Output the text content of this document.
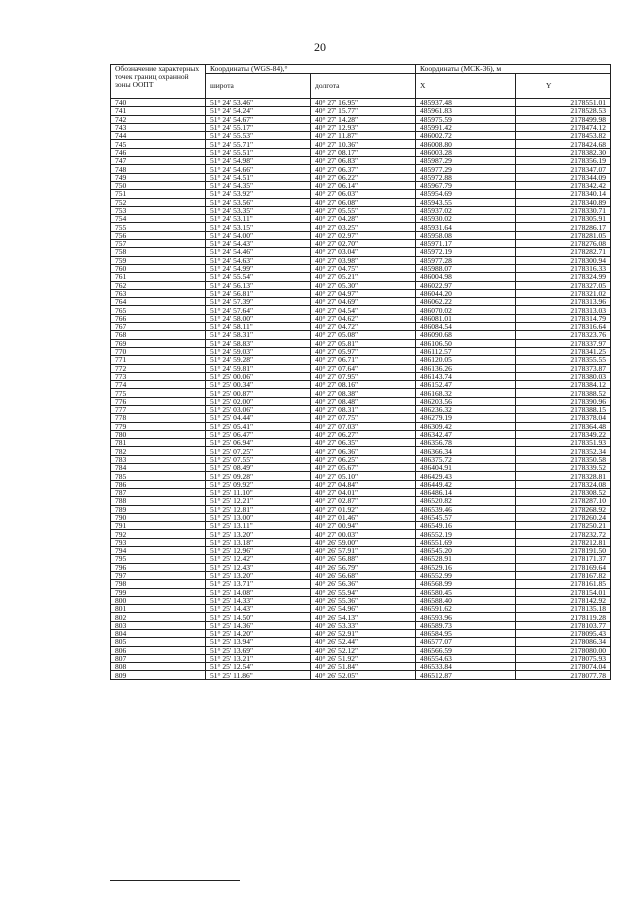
20
Обозначение характерных точек границ охранной зоны ООПТ	Координаты (WGS-84),°		Координаты (МСК-36), м	
	широта	долгота	X	Y
740	51° 24' 53.46"	40° 27' 16.95"	485937.48	2178551.01
741	51° 24' 54.24"	40° 27' 15.77"	485961.83	2178528.53
742	51° 24' 54.67"	40° 27' 14.28"	485975.59	2178499.98
743	51° 24' 55.17"	40° 27' 12.93"	485991.42	2178474.12
744	51° 24' 55.53"	40° 27' 11.87"	486002.72	2178453.82
745	51° 24' 55.71"	40° 27' 10.36"	486008.80	2178424.68
746	51° 24' 55.51"	40° 27' 08.17"	486003.28	2178382.30
747	51° 24' 54.98"	40° 27' 06.83"	485987.29	2178356.19
748	51° 24' 54.66"	40° 27' 06.37"	485977.29	2178347.07
749	51° 24' 54.51"	40° 27' 06.22"	485972.88	2178344.09
750	51° 24' 54.35"	40° 27' 06.14"	485967.79	2178342.42
751	51° 24' 53.92"	40° 27' 06.03"	485954.69	2178340.14
752	51° 24' 53.56"	40° 27' 06.08"	485943.55	2178340.89
753	51° 24' 53.35"	40° 27' 05.55"	485937.02	2178330.71
754	51° 24' 53.11"	40° 27' 04.28"	485930.02	2178305.91
755	51° 24' 53.15"	40° 27' 03.25"	485931.64	2178286.17
756	51° 24' 54.00"	40° 27' 02.97"	485958.08	2178281.05
757	51° 24' 54.43"	40° 27' 02.70"	485971.17	2178276.08
758	51° 24' 54.46"	40° 27' 03.04"	485972.19	2178282.71
759	51° 24' 54.63"	40° 27' 03.98"	485977.28	2178300.94
760	51° 24' 54.99"	40° 27' 04.75"	485988.07	2178316.33
761	51° 24' 55.54"	40° 27' 05.21"	486004.98	2178324.99
762	51° 24' 56.13"	40° 27' 05.30"	486022.97	2178327.05
763	51° 24' 56.81"	40° 27' 04.97"	486044.20	2178321.02
764	51° 24' 57.39"	40° 27' 04.69"	486062.22	2178313.96
765	51° 24' 57.64"	40° 27' 04.54"	486070.02	2178313.03
766	51° 24' 58.00"	40° 27' 04.62"	486081.01	2178314.79
767	51° 24' 58.11"	40° 27' 04.72"	486084.54	2178316.64
768	51° 24' 58.31"	40° 27' 05.08"	486090.68	2178323.76
769	51° 24' 58.83"	40° 27' 05.81"	486106.50	2178337.97
770	51° 24' 59.03"	40° 27' 05.97"	486112.57	2178341.25
771	51° 24' 59.28"	40° 27' 06.71"	486120.05	2178355.55
772	51° 24' 59.81"	40° 27' 07.64"	486136.26	2178373.87
773	51° 25' 00.06"	40° 27' 07.95"	486143.74	2178380.03
774	51° 25' 00.34"	40° 27' 08.16"	486152.47	2178384.12
775	51° 25' 00.87"	40° 27' 08.38"	486168.32	2178388.52
776	51° 25' 02.00"	40° 27' 08.48"	486203.56	2178390.96
777	51° 25' 03.06"	40° 27' 08.31"	486236.32	2178388.15
778	51° 25' 04.44"	40° 27' 07.75"	486279.19	2178378.04
779	51° 25' 05.41"	40° 27' 07.03"	486309.42	2178364.48
780	51° 25' 06.47"	40° 27' 06.27"	486342.47	2178349.22
781	51° 25' 06.94"	40° 27' 06.35"	486356.78	2178351.93
782	51° 25' 07.25"	40° 27' 06.36"	486366.34	2178352.34
783	51° 25' 07.55"	40° 27' 06.25"	486375.72	2178350.58
784	51° 25' 08.49"	40° 27' 05.67"	486404.91	2178339.52
785	51° 25' 09.28"	40° 27' 05.10"	486429.43	2178328.81
786	51° 25' 09.92"	40° 27' 04.84"	486449.42	2178324.08
787	51° 25' 11.10"	40° 27' 04.01"	486486.14	2178308.52
788	51° 25' 12.21"	40° 27' 02.87"	486520.82	2178287.10
789	51° 25' 12.81"	40° 27' 01.92"	486539.46	2178268.92
790	51° 25' 13.00"	40° 27' 01.46"	486545.57	2178260.24
791	51° 25' 13.11"	40° 27' 00.94"	486549.16	2178250.21
792	51° 25' 13.20"	40° 27' 00.03"	486552.19	2178232.72
793	51° 25' 13.18"	40° 26' 59.00"	486551.69	2178212.81
794	51° 25' 12.96"	40° 26' 57.91"	486545.20	2178191.50
795	51° 25' 12.42"	40° 26' 56.88"	486528.91	2178171.37
796	51° 25' 12.43"	40° 26' 56.79"	486529.16	2178169.64
797	51° 25' 13.20"	40° 26' 56.68"	486552.99	2178167.82
798	51° 25' 13.71"	40° 26' 56.36"	486568.99	2178161.85
799	51° 25' 14.08"	40° 26' 55.94"	486580.45	2178154.01
800	51° 25' 14.33"	40° 26' 55.36"	486588.40	2178142.92
801	51° 25' 14.43"	40° 26' 54.96"	486591.62	2178135.18
802	51° 25' 14.50"	40° 26' 54.13"	486593.96	2178119.28
803	51° 25' 14.36"	40° 26' 53.33"	486589.73	2178103.77
804	51° 25' 14.20"	40° 26' 52.91"	486584.95	2178095.43
805	51° 25' 13.94"	40° 26' 52.44"	486577.07	2178086.34
806	51° 25' 13.69"	40° 26' 52.12"	486566.59	2178080.00
807	51° 25' 13.21"	40° 26' 51.92"	486554.63	2178075.93
808	51° 25' 12.54"	40° 26' 51.84"	486533.84	2178074.04
809	51° 25' 11.86"	40° 26' 52.05"	486512.87	2178077.78
